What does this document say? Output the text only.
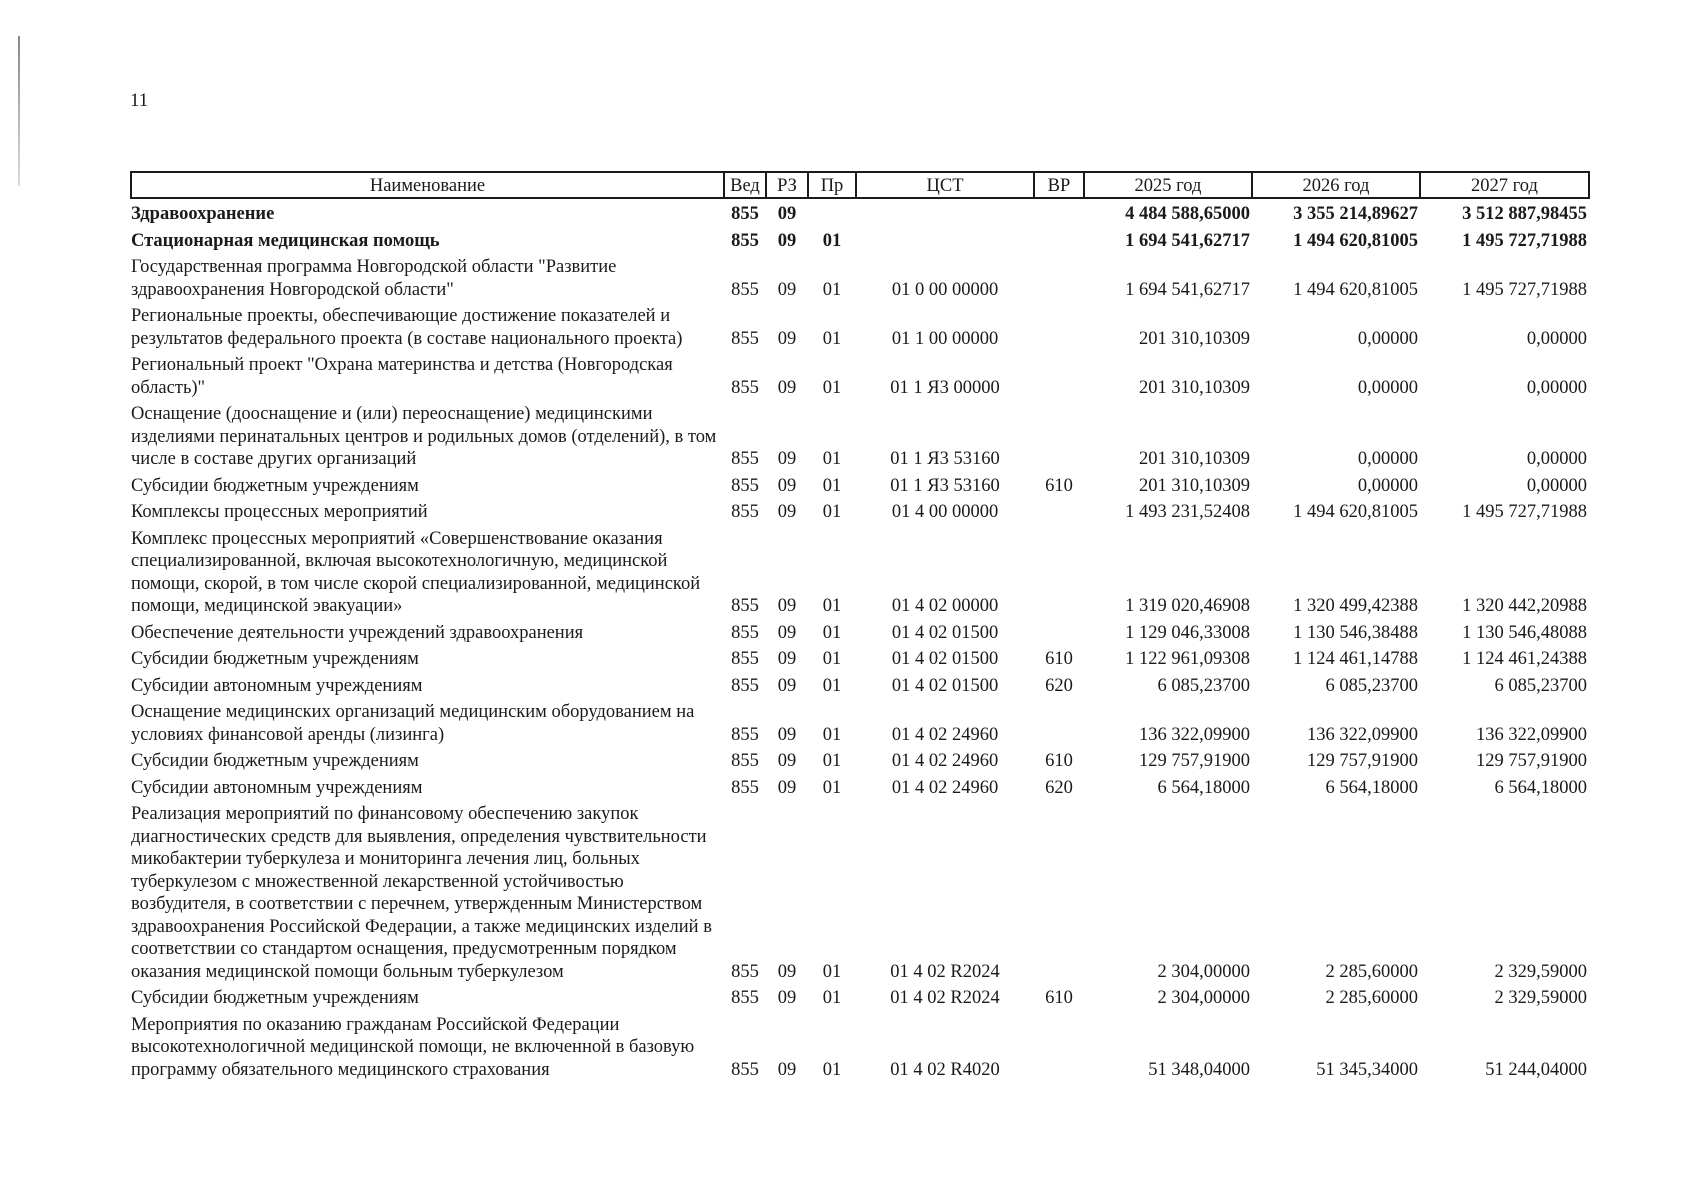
11
Наименование	Вед	РЗ	Пр	ЦСТ	ВР	2025 год	2026 год	2027 год
Здравоохранение	855	09				4 484 588,65000	3 355 214,89627	3 512 887,98455
Стационарная медицинская помощь	855	09	01			1 694 541,62717	1 494 620,81005	1 495 727,71988
Государственная программа Новгородской области "Развитие здравоохранения Новгородской области"	855	09	01	01 0 00 00000		1 694 541,62717	1 494 620,81005	1 495 727,71988
Региональные проекты, обеспечивающие достижение показателей и результатов федерального проекта (в составе национального проекта)	855	09	01	01 1 00 00000		201 310,10309	0,00000	0,00000
Региональный проект "Охрана материнства и детства (Новгородская область)"	855	09	01	01 1 Я3 00000		201 310,10309	0,00000	0,00000
Оснащение (дооснащение и (или) переоснащение) медицинскими изделиями перинатальных центров и родильных домов (отделений), в том числе в составе других организаций	855	09	01	01 1 Я3 53160		201 310,10309	0,00000	0,00000
Субсидии бюджетным учреждениям	855	09	01	01 1 Я3 53160	610	201 310,10309	0,00000	0,00000
Комплексы процессных мероприятий	855	09	01	01 4 00 00000		1 493 231,52408	1 494 620,81005	1 495 727,71988
Комплекс процессных мероприятий «Совершенствование оказания специализированной, включая высокотехнологичную, медицинской помощи, скорой, в том числе скорой специализированной, медицинской помощи, медицинской эвакуации»	855	09	01	01 4 02 00000		1 319 020,46908	1 320 499,42388	1 320 442,20988
Обеспечение деятельности учреждений здравоохранения	855	09	01	01 4 02 01500		1 129 046,33008	1 130 546,38488	1 130 546,48088
Субсидии бюджетным учреждениям	855	09	01	01 4 02 01500	610	1 122 961,09308	1 124 461,14788	1 124 461,24388
Субсидии автономным учреждениям	855	09	01	01 4 02 01500	620	6 085,23700	6 085,23700	6 085,23700
Оснащение медицинских организаций медицинским оборудованием на условиях финансовой аренды (лизинга)	855	09	01	01 4 02 24960		136 322,09900	136 322,09900	136 322,09900
Субсидии бюджетным учреждениям	855	09	01	01 4 02 24960	610	129 757,91900	129 757,91900	129 757,91900
Субсидии автономным учреждениям	855	09	01	01 4 02 24960	620	6 564,18000	6 564,18000	6 564,18000
Реализация мероприятий по финансовому обеспечению закупок диагностических средств для выявления, определения чувствительности микобактерии туберкулеза и мониторинга лечения лиц, больных туберкулезом с множественной лекарственной устойчивостью возбудителя, в соответствии с перечнем, утвержденным Министерством здравоохранения Российской Федерации, а также медицинских изделий в соответствии со стандартом оснащения, предусмотренным порядком оказания медицинской помощи больным туберкулезом	855	09	01	01 4 02 R2024		2 304,00000	2 285,60000	2 329,59000
Субсидии бюджетным учреждениям	855	09	01	01 4 02 R2024	610	2 304,00000	2 285,60000	2 329,59000
Мероприятия по оказанию гражданам Российской Федерации высокотехнологичной медицинской помощи, не включенной в базовую программу обязательного медицинского страхования	855	09	01	01 4 02 R4020		51 348,04000	51 345,34000	51 244,04000
